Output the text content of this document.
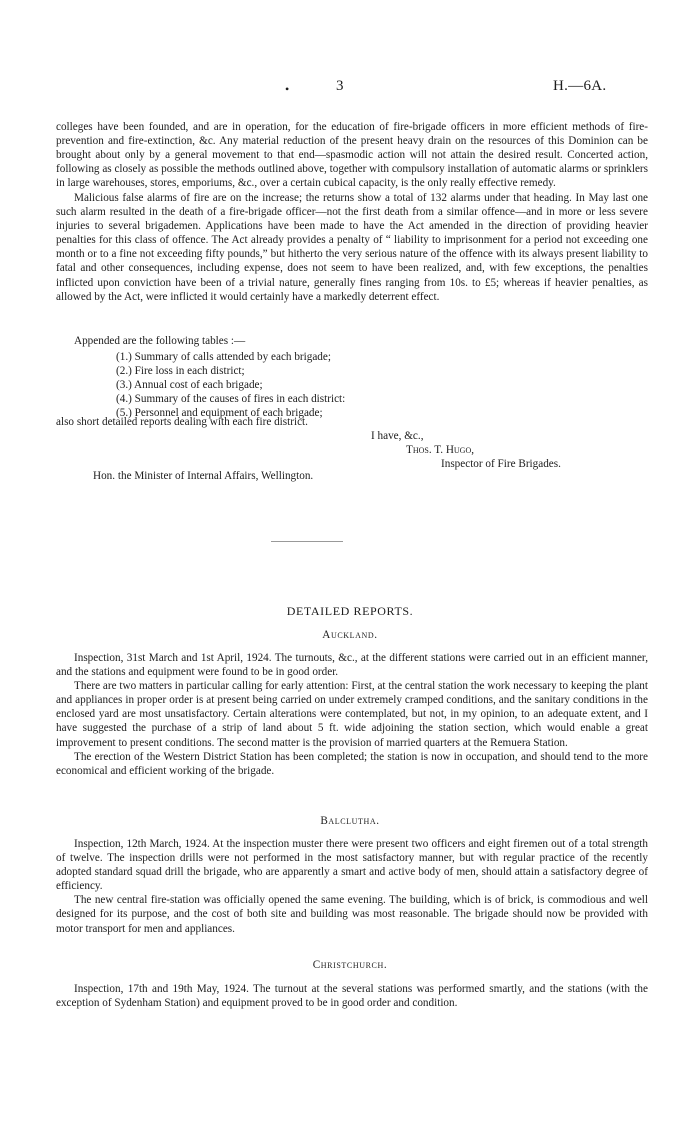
•	3	H.—6A.

colleges have been founded, and are in operation, for the education of fire-brigade officers in more efficient methods of fire-prevention and fire-extinction, &c. Any material reduction of the present heavy drain on the resources of this Dominion can be brought about only by a general movement to that end—spasmodic action will not attain the desired result. Concerted action, following as closely as possible the methods outlined above, together with compulsory installation of automatic alarms or sprinklers in large warehouses, stores, emporiums, &c., over a certain cubical capacity, is the only really effective remedy.

Malicious false alarms of fire are on the increase; the returns show a total of 132 alarms under that heading. In May last one such alarm resulted in the death of a fire-brigade officer—not the first death from a similar offence—and in more or less severe injuries to several brigademen. Applications have been made to have the Act amended in the direction of providing heavier penalties for this class of offence. The Act already provides a penalty of “ liability to imprisonment for a period not exceeding one month or to a fine not exceeding fifty pounds,” but hitherto the very serious nature of the offence with its always present liability to fatal and other consequences, including expense, does not seem to have been realized, and, with few exceptions, the penalties inflicted upon conviction have been of a trivial nature, generally fines ranging from 10s. to £5; whereas if heavier penalties, as allowed by the Act, were inflicted it would certainly have a markedly deterrent effect.

Appended are the following tables :—

(1.) Summary of calls attended by each brigade;
(2.) Fire loss in each district;
(3.) Annual cost of each brigade;
(4.) Summary of the causes of fires in each district:
(5.) Personnel and equipment of each brigade;

also short detailed reports dealing with each fire district.

I have, &c.,
Thos. T. Hugo,
Inspector of Fire Brigades.
Hon. the Minister of Internal Affairs, Wellington.
DETAILED REPORTS.
Auckland.

Inspection, 31st March and 1st April, 1924. The turnouts, &c., at the different stations were carried out in an efficient manner, and the stations and equipment were found to be in good order.

There are two matters in particular calling for early attention: First, at the central station the work necessary to keeping the plant and appliances in proper order is at present being carried on under extremely cramped conditions, and the sanitary conditions in the enclosed yard are most unsatisfactory. Certain alterations were contemplated, but not, in my opinion, to an adequate extent, and I have suggested the purchase of a strip of land about 5 ft. wide adjoining the station section, which would enable a great improvement to present conditions. The second matter is the provision of married quarters at the Remuera Station.

The erection of the Western District Station has been completed; the station is now in occupation, and should tend to the more economical and efficient working of the brigade.

Balclutha.

Inspection, 12th March, 1924. At the inspection muster there were present two officers and eight firemen out of a total strength of twelve. The inspection drills were not performed in the most satisfactory manner, but with regular practice of the recently adopted standard squad drill the brigade, who are apparently a smart and active body of men, should attain a satisfactory degree of efficiency.

The new central fire-station was officially opened the same evening. The building, which is of brick, is commodious and well designed for its purpose, and the cost of both site and building was most reasonable. The brigade should now be provided with motor transport for men and appliances.

Christchurch.

Inspection, 17th and 19th May, 1924. The turnout at the several stations was performed smartly, and the stations (with the exception of Sydenham Station) and equipment proved to be in good order and condition.
